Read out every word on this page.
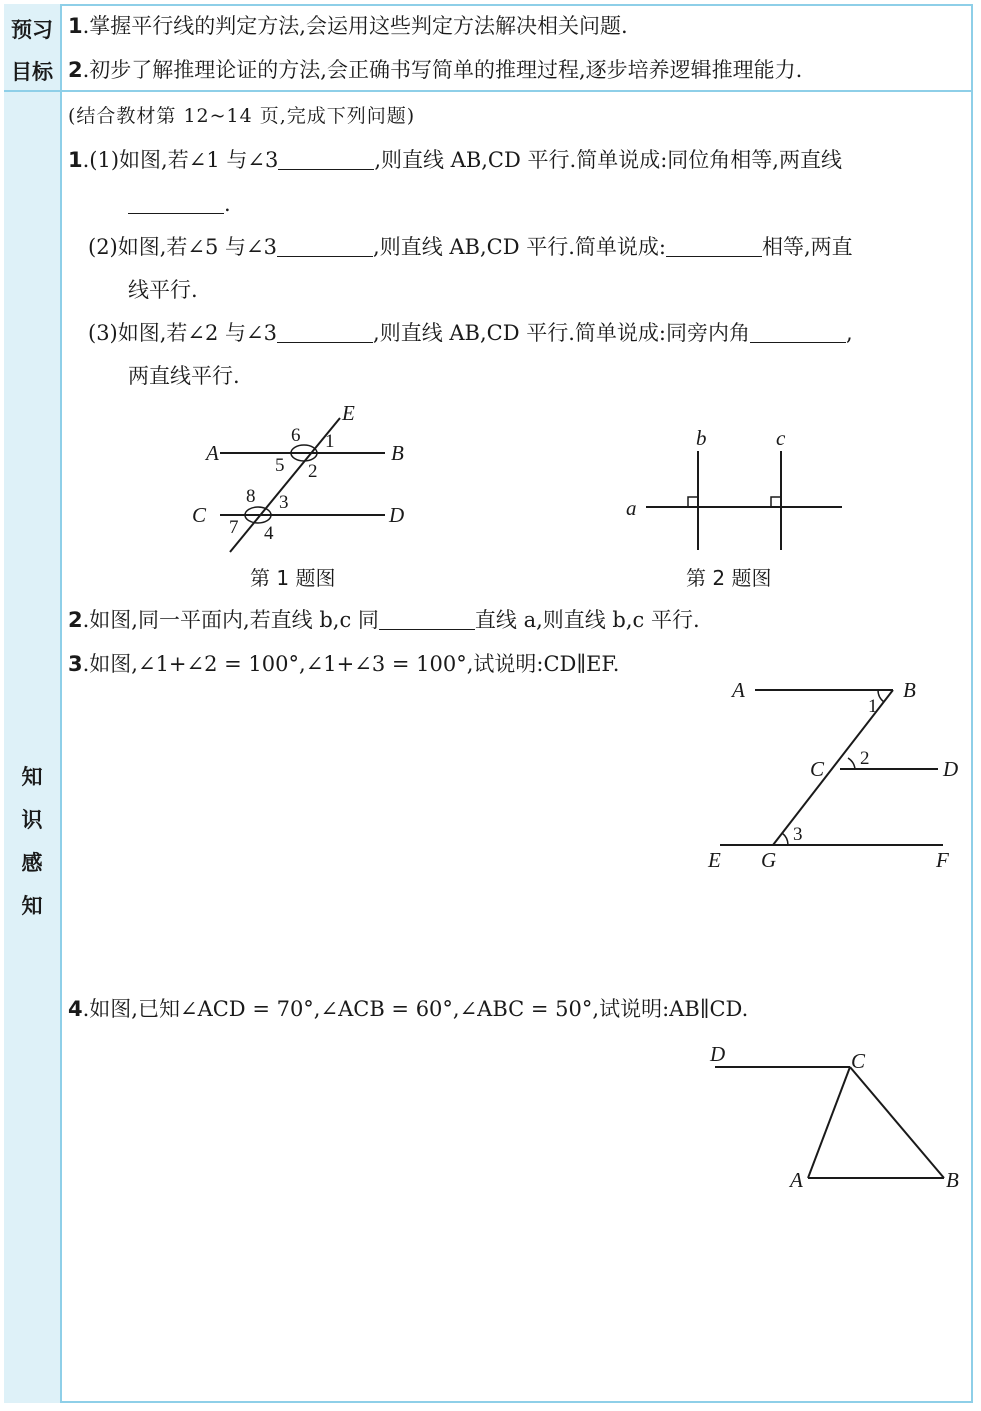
预习
目标
知
识
感
知
1.掌握平行线的判定方法,会运用这些判定方法解决相关问题.
2.初步了解推理论证的方法,会正确书写简单的推理过程,逐步培养逻辑推理能力.
(结合教材第 12~14 页,完成下列问题)
1.(1)如图,若∠1 与∠3	,则直线 AB,CD 平行.简单说成:同位角相等,两直线
.
(2)如图,若∠5 与∠3	,则直线 AB,CD 平行.简单说成:	相等,两直
线平行.
(3)如图,若∠2 与∠3	,则直线 AB,CD 平行.简单说成:同旁内角	,
两直线平行.
A	B
C	D
E
1
2
3
4
5
6
7
8
第 1 题图
a
b	c
第 2 题图
2.如图,同一平面内,若直线 b,c 同	直线 a,则直线 b,c 平行.
3.如图,∠1+∠2 = 100°,∠1+∠3 = 100°,试说明:CD∥EF.
A	B
C	D
E	F
G
1
2
3
4.如图,已知∠ACD = 70°,∠ACB = 60°,∠ABC = 50°,试说明:AB∥CD.
D	C
A	B
